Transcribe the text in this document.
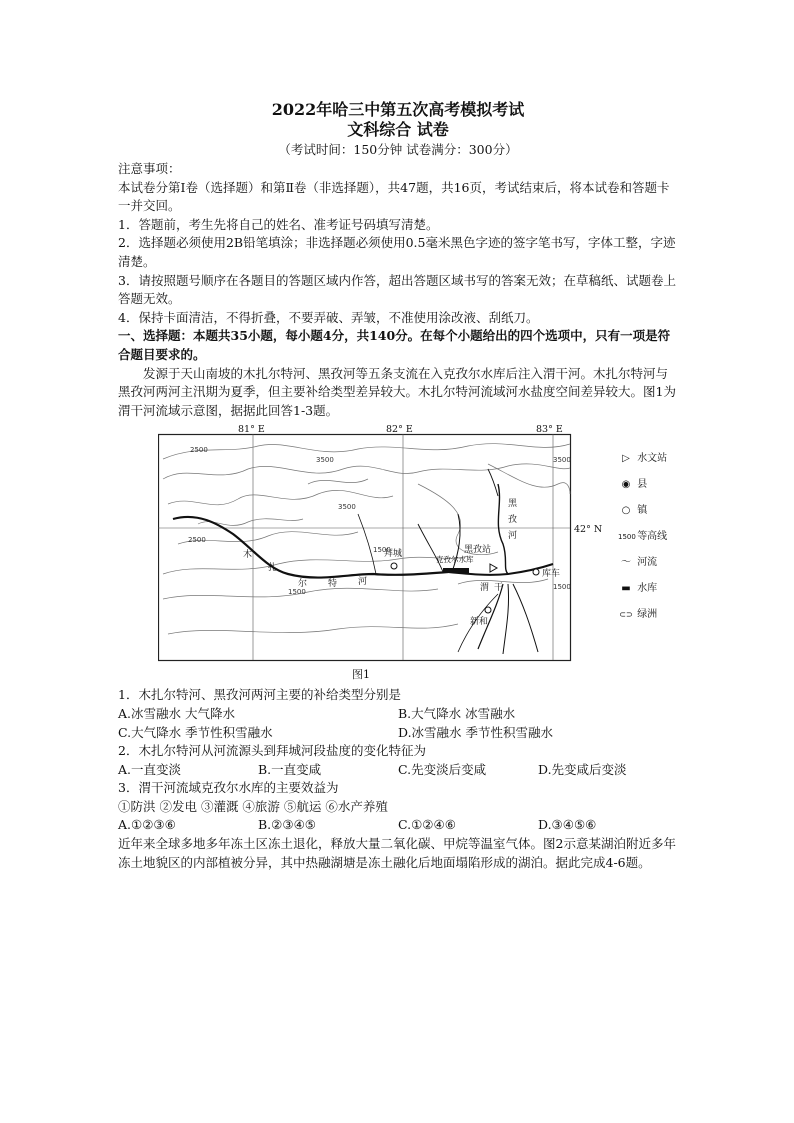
2022年哈三中第五次高考模拟考试

文科综合 试卷

（考试时间：150分钟 试卷满分：300分）

注意事项：

本试卷分第Ⅰ卷（选择题）和第Ⅱ卷（非选择题），共47题，共16页，考试结束后，将本试卷和答题卡一并交回。

1．答题前，考生先将自己的姓名、准考证号码填写清楚。

2．选择题必须使用2B铅笔填涂；非选择题必须使用0.5毫米黑色字迹的签字笔书写，字体工整，字迹清楚。

3．请按照题号顺序在各题目的答题区域内作答，超出答题区域书写的答案无效；在草稿纸、试题卷上答题无效。

4．保持卡面清洁，不得折叠，不要弄破、弄皱，不准使用涂改液、刮纸刀。

一、选择题：本题共35小题，每小题4分，共140分。在每个小题给出的四个选项中，只有一项是符合题目要求的。

发源于天山南坡的木扎尔特河、黑孜河等五条支流在入克孜尔水库后注入渭干河。木扎尔特河与黑孜河两河主汛期为夏季，但主要补给类型差异较大。木扎尔特河流域河水盐度空间差异较大。图1为渭干河流域示意图，据据此回答1-3题。

81° E	82° E	83° E
42° N
2500
3500
3500
2500
1500
1500
3500
1500
木
扎
尔 特 河
拜城
克孜尔水库
黑孜站
黑
孜
河
渭 干
库车
新和
▷ 水文站
◉ 县
○ 镇
1500 等高线
～ 河流
▬ 水库
⊂⊃ 绿洲
图1

1．木扎尔特河、黑孜河两河主要的补给类型分别是

A.冰雪融水 大气降水	B.大气降水 冰雪融水
C.大气降水 季节性积雪融水	D.冰雪融水 季节性积雪融水

2．木扎尔特河从河流源头到拜城河段盐度的变化特征为

A.一直变淡	B.一直变咸	C.先变淡后变咸	D.先变咸后变淡

3．渭干河流域克孜尔水库的主要效益为

①防洪 ②发电 ③灌溉 ④旅游 ⑤航运 ⑥水产养殖

A.①②③⑥	B.②③④⑤	C.①②④⑥	D.③④⑤⑥

近年来全球多地多年冻土区冻土退化，释放大量二氧化碳、甲烷等温室气体。图2示意某湖泊附近多年冻土地貌区的内部植被分异，其中热融湖塘是冻土融化后地面塌陷形成的湖泊。据此完成4-6题。
